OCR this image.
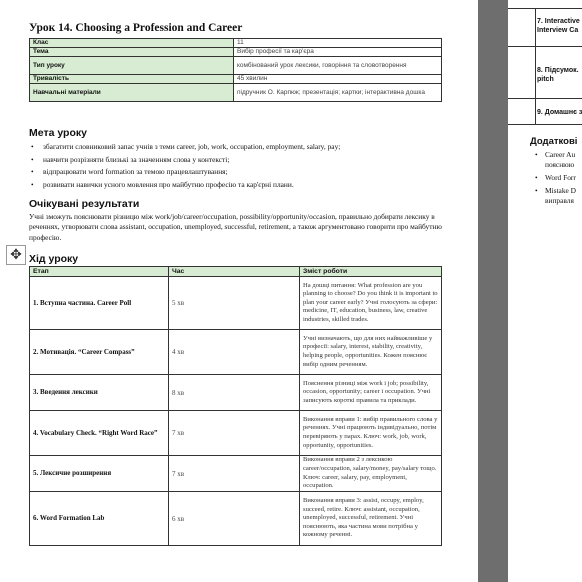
Урок 14. Choosing a Profession and Career
Клас	11
Тема	Вибір професії та кар'єра
Тип уроку	комбінований урок лексики, говоріння та словотворення
Тривалість	45 хвилин
Навчальні матеріали	підручник О. Карпюк; презентація; картки; інтерактивна дошка
Мета уроку
• збагатити словниковий запас учнів з теми career, job, work, occupation, employment, salary, pay;
• навчити розрізняти близькі за значенням слова у контексті;
• відпрацювати word formation за темою працевлаштування;
• розвивати навички усного мовлення про майбутню професію та кар'єрні плани.
Очікувані результати
Учні зможуть пояснювати різницю між work/job/career/occupation, possibility/opportunity/occasion, правильно добирати лексику в реченнях, утворювати слова assistant, occupation, unemployed, successful, retirement, а також аргументовано говорити про майбутню професію.
✥ Хід уроку
Етап	Час	Зміст роботи
1. Вступна частина. Career Poll	5 хв	На дошці питання: What profession are you planning to choose? Do you think it is important to plan your career early? Учні голосують за сфери: medicine, IT, education, business, law, creative industries, skilled trades.
2. Мотивація. “Career Compass”	4 хв	Учні визначають, що для них найважливіше у професії: salary, interest, stability, creativity, helping people, opportunities. Кожен пояснює вибір одним реченням.
3. Введення лексики	8 хв	Пояснення різниці між work і job; possibility, occasion, opportunity; career і occupation. Учні записують короткі правила та приклади.
4. Vocabulary Check. “Right Word Race”	7 хв	Виконання вправи 1: вибір правильного слова у реченнях. Учні працюють індивідуально, потім перевіряють у парах. Ключ: work, job, work, opportunity, opportunities.
5. Лексичне розширення	7 хв	Виконання вправи 2 з лексикою career/occupation, salary/money, pay/salary тощо. Ключ: career, salary, pay, employment, occupation.
6. Word Formation Lab	6 хв	Виконання вправи 3: assist, occupy, employ, succeed, retire. Ключ: assistant, occupation, unemployed, successful, retirement. Учні пояснюють, яка частина мови потрібна у кожному реченні.
7. Interactive
Interview Ca
8. Підсумок.
pitch
9. Домашнє з
Додаткові
• Career Au
пояснюю
• Word Forr
• Mistake D
виправля
